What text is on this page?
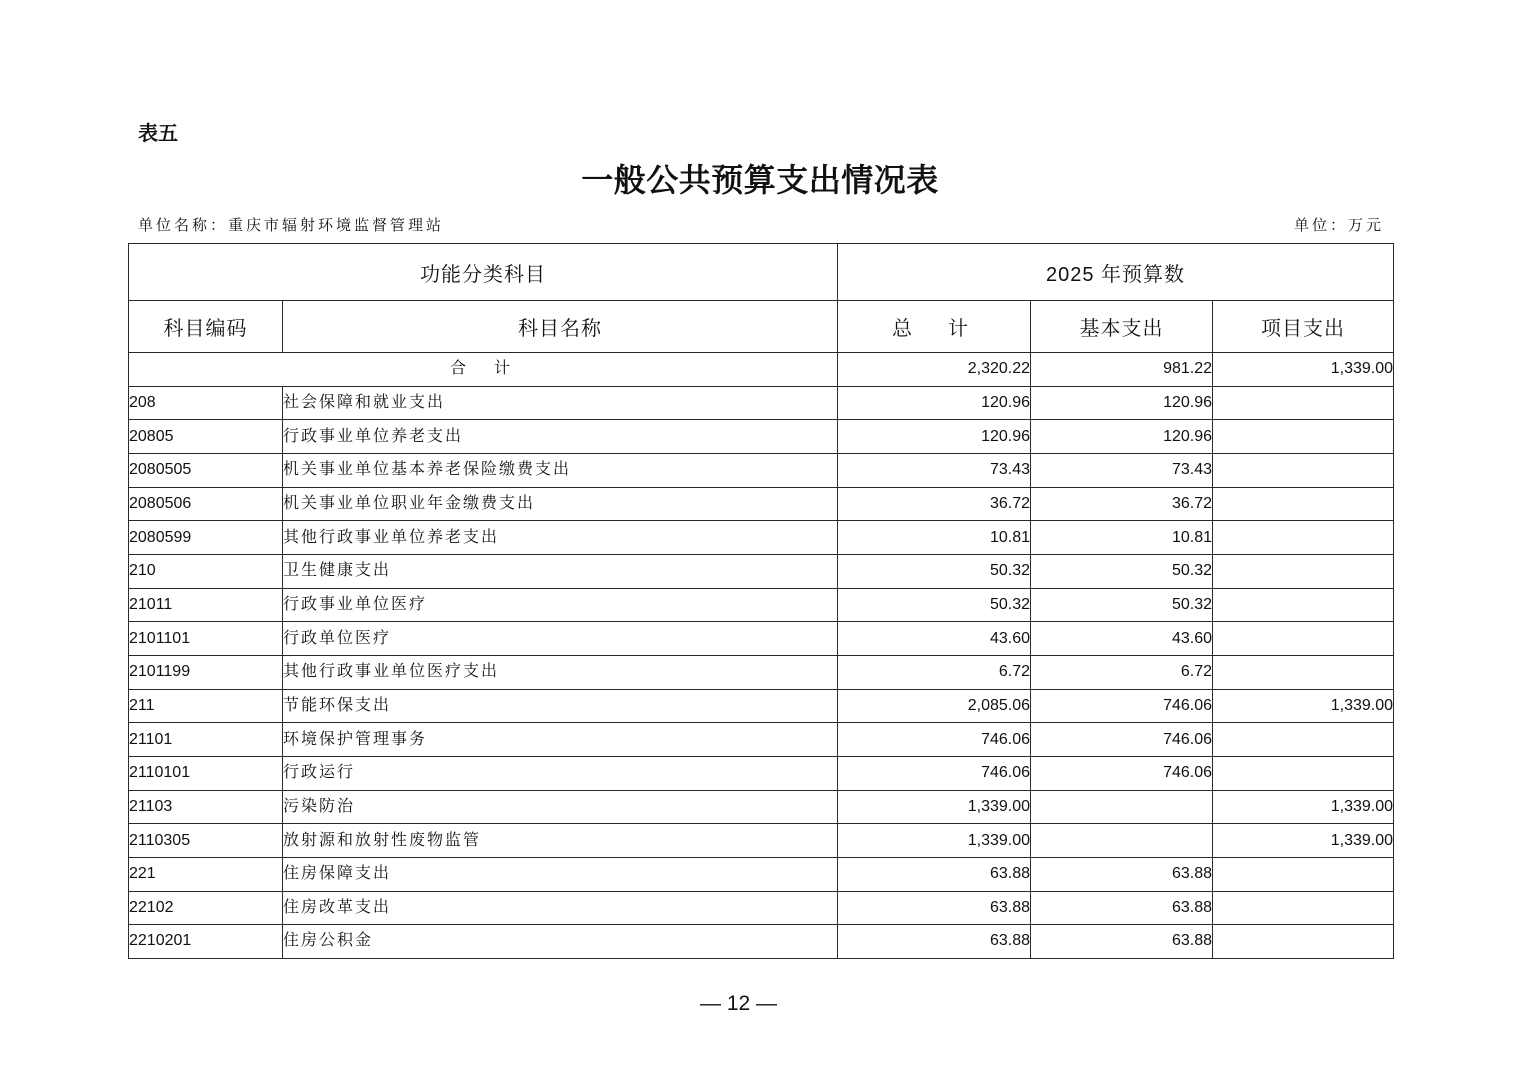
表五
一般公共预算支出情况表
单位名称：重庆市辐射环境监督管理站	单位：万元
功能分类科目		2025 年预算数		
科目编码	科目名称	总　计	基本支出	项目支出
合　计		2,320.22	981.22	1,339.00
208	社会保障和就业支出	120.96	120.96	
20805	行政事业单位养老支出	120.96	120.96	
2080505	机关事业单位基本养老保险缴费支出	73.43	73.43	
2080506	机关事业单位职业年金缴费支出	36.72	36.72	
2080599	其他行政事业单位养老支出	10.81	10.81	
210	卫生健康支出	50.32	50.32	
21011	行政事业单位医疗	50.32	50.32	
2101101	行政单位医疗	43.60	43.60	
2101199	其他行政事业单位医疗支出	6.72	6.72	
211	节能环保支出	2,085.06	746.06	1,339.00
21101	环境保护管理事务	746.06	746.06	
2110101	行政运行	746.06	746.06	
21103	污染防治	1,339.00		1,339.00
2110305	放射源和放射性废物监管	1,339.00		1,339.00
221	住房保障支出	63.88	63.88	
22102	住房改革支出	63.88	63.88	
2210201	住房公积金	63.88	63.88	
— 12 —
